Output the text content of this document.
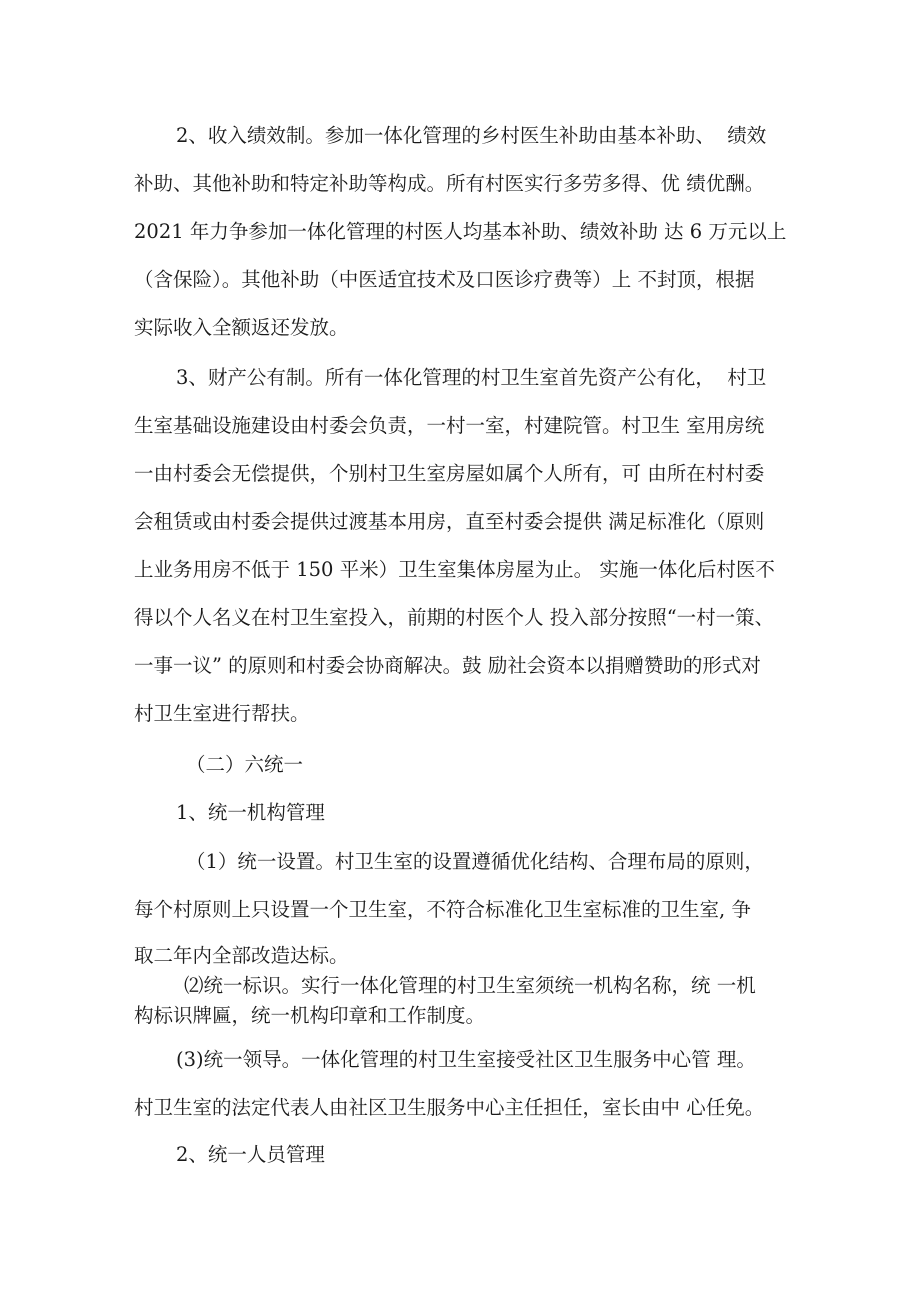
2、收入绩效制。参加一体化管理的乡村医生补助由基本补助、  绩效
补助、其他补助和特定补助等构成。所有村医实行多劳多得、优 绩优酬。
2021 年力争参加一体化管理的村医人均基本补助、绩效补助 达 6 万元以上
（含保险）。其他补助（中医适宜技术及口医诊疗费等）上 不封顶，根据
实际收入全额返还发放。
3、财产公有制。所有一体化管理的村卫生室首先资产公有化，  村卫
生室基础设施建设由村委会负责，一村一室，村建院管。村卫生 室用房统
一由村委会无偿提供，个别村卫生室房屋如属个人所有，可 由所在村村委
会租赁或由村委会提供过渡基本用房，直至村委会提供 满足标准化（原则
上业务用房不低于 150 平米）卫生室集体房屋为止。 实施一体化后村医不
得以个人名义在村卫生室投入，前期的村医个人 投入部分按照“一村一策、
一事一议” 的原则和村委会协商解决。鼓 励社会资本以捐赠赞助的形式对
村卫生室进行帮扶。
（二）六统一
1、统一机构管理
（1）统一设置。村卫生室的设置遵循优化结构、合理布局的原则，
每个村原则上只设置一个卫生室，不符合标准化卫生室标准的卫生室, 争
取二年内全部改造达标。
⑵统一标识。实行一体化管理的村卫生室须统一机构名称，统 一机
构标识牌匾，统一机构印章和工作制度。
(3)统一领导。一体化管理的村卫生室接受社区卫生服务中心管 理。
村卫生室的法定代表人由社区卫生服务中心主任担任，室长由中 心任免。
2、统一人员管理
